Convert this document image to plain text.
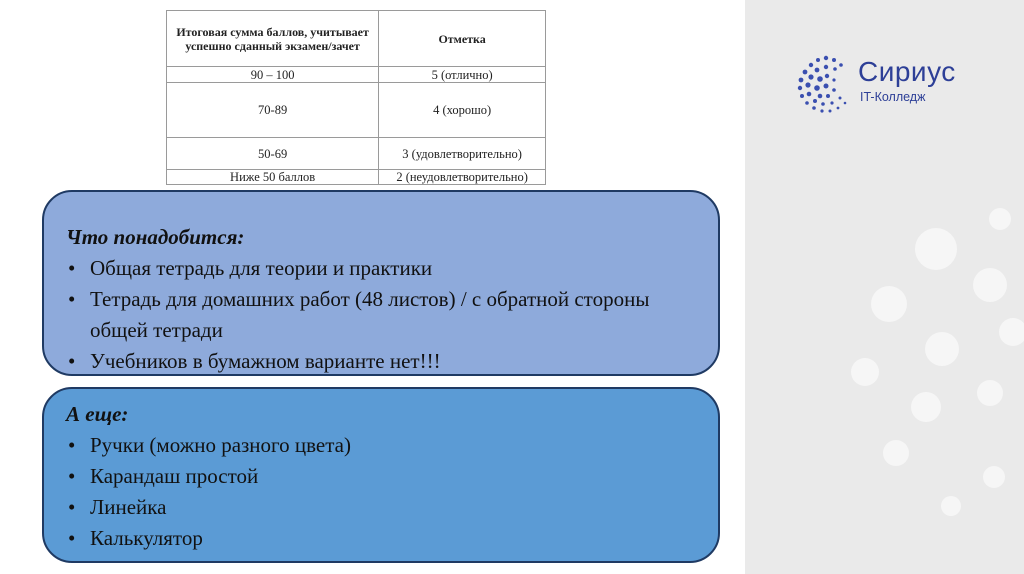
Сириус
IT-Колледж
Итоговая сумма баллов, учитывает успешно сданный экзамен/зачет	Отметка
90 – 100	5 (отлично)
70-89	4 (хорошо)
50-69	3 (удовлетворительно)
Ниже 50 баллов	2 (неудовлетворительно)
Что понадобится:
• Общая тетрадь для теории и практики
• Тетрадь для домашних работ (48 листов) / с обратной стороны общей тетради
• Учебников в бумажном варианте нет!!!
А еще:
• Ручки (можно разного цвета)
• Карандаш простой
• Линейка
• Калькулятор
